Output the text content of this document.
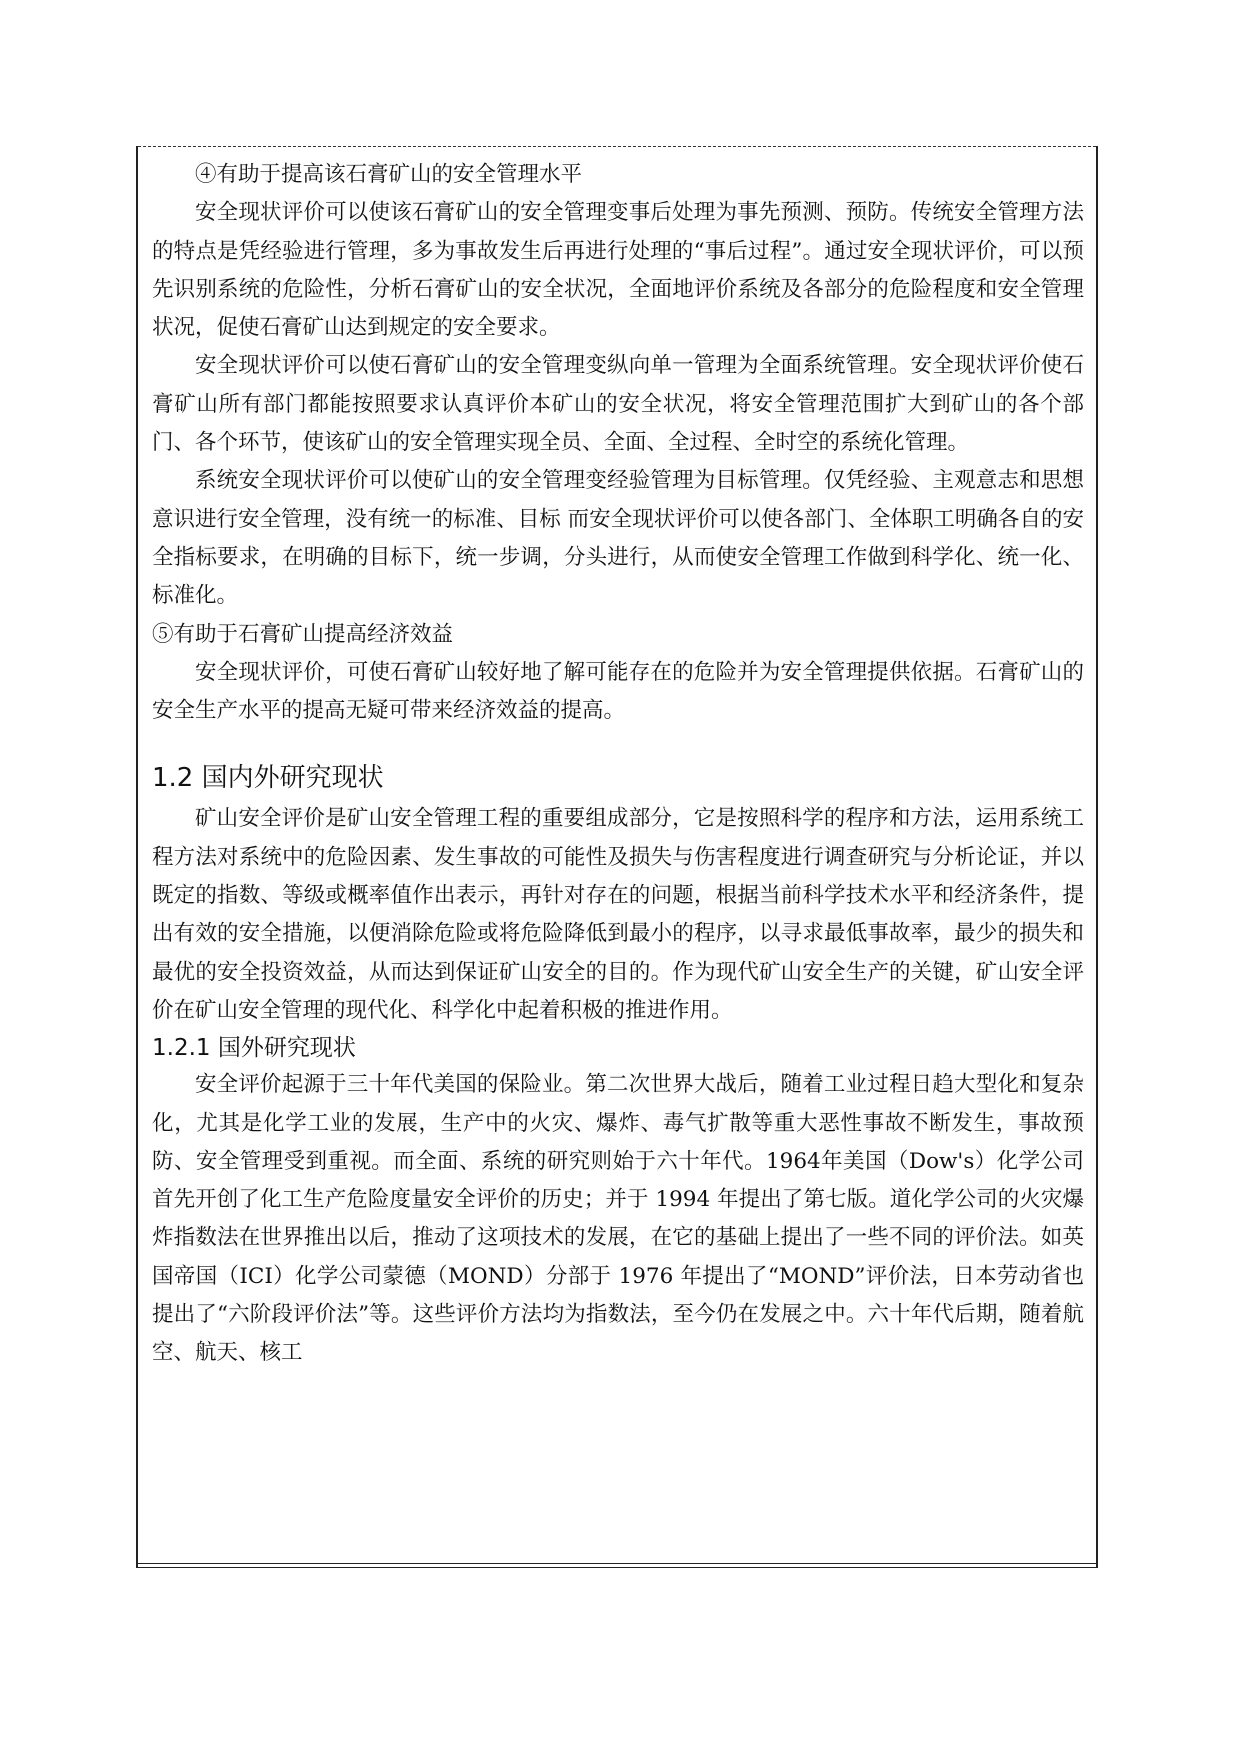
④有助于提高该石膏矿山的安全管理水平

安全现状评价可以使该石膏矿山的安全管理变事后处理为事先预测、预防。传统安全管理方法的特点是凭经验进行管理，多为事故发生后再进行处理的“事后过程”。通过安全现状评价，可以预先识别系统的危险性，分析石膏矿山的安全状况，全面地评价系统及各部分的危险程度和安全管理状况，促使石膏矿山达到规定的安全要求。

安全现状评价可以使石膏矿山的安全管理变纵向单一管理为全面系统管理。安全现状评价使石膏矿山所有部门都能按照要求认真评价本矿山的安全状况，将安全管理范围扩大到矿山的各个部门、各个环节，使该矿山的安全管理实现全员、全面、全过程、全时空的系统化管理。

系统安全现状评价可以使矿山的安全管理变经验管理为目标管理。仅凭经验、主观意志和思想意识进行安全管理，没有统一的标准、目标 而安全现状评价可以使各部门、全体职工明确各自的安全指标要求，在明确的目标下，统一步调，分头进行，从而使安全管理工作做到科学化、统一化、标准化。

⑤有助于石膏矿山提高经济效益

安全现状评价，可使石膏矿山较好地了解可能存在的危险并为安全管理提供依据。石膏矿山的安全生产水平的提高无疑可带来经济效益的提高。

1.2 国内外研究现状

矿山安全评价是矿山安全管理工程的重要组成部分，它是按照科学的程序和方法，运用系统工程方法对系统中的危险因素、发生事故的可能性及损失与伤害程度进行调查研究与分析论证，并以既定的指数、等级或概率值作出表示，再针对存在的问题，根据当前科学技术水平和经济条件，提出有效的安全措施，以便消除危险或将危险降低到最小的程序，以寻求最低事故率，最少的损失和最优的安全投资效益，从而达到保证矿山安全的目的。作为现代矿山安全生产的关键，矿山安全评价在矿山安全管理的现代化、科学化中起着积极的推进作用。

1.2.1 国外研究现状

安全评价起源于三十年代美国的保险业。第二次世界大战后，随着工业过程日趋大型化和复杂化，尤其是化学工业的发展，生产中的火灾、爆炸、毒气扩散等重大恶性事故不断发生，事故预防、安全管理受到重视。而全面、系统的研究则始于六十年代。1964年美国（Dow's）化学公司首先开创了化工生产危险度量安全评价的历史；并于 1994 年提出了第七版。道化学公司的火灾爆炸指数法在世界推出以后，推动了这项技术的发展，在它的基础上提出了一些不同的评价法。如英国帝国（ICI）化学公司蒙德（MOND）分部于 1976 年提出了“MOND”评价法，日本劳动省也提出了“六阶段评价法”等。这些评价方法均为指数法，至今仍在发展之中。六十年代后期，随着航空、航天、核工
